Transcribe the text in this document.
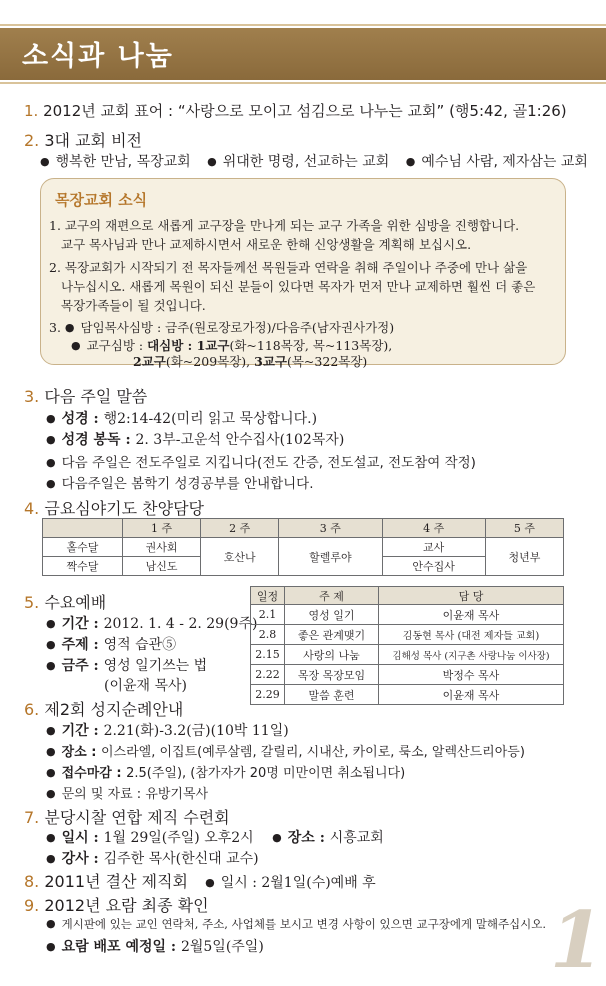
소식과 나눔
1. 2012년 교회 표어 : “사랑으로 모이고 섬김으로 나누는 교회” (행5:42, 골1:26)
2. 3대 교회 비전
● 행복한 만남, 목장교회 ● 위대한 명령, 선교하는 교회 ● 예수님 사람, 제자삼는 교회
목장교회 소식
1. 교구의 재편으로 새롭게 교구장을 만나게 되는 교구 가족을 위한 심방을 진행합니다.
교구 목사님과 만나 교제하시면서 새로운 한해 신앙생활을 계획해 보십시오.
2. 목장교회가 시작되기 전 목자들께선 목원들과 연락을 취해 주일이나 주중에 만나 삶을
나누십시오. 새롭게 목원이 되신 분들이 있다면 목자가 먼저 만나 교제하면 훨씬 더 좋은
목장가족들이 될 것입니다.
3. ● 담임목사심방 : 금주(원로장로가정)/다음주(남자권사가정)
● 교구심방 : 대심방 : 1교구(화~118목장, 목~113목장),
2교구(화~209목장), 3교구(목~322목장)
3. 다음 주일 말씀
● 성경 : 행2:14-42(미리 읽고 묵상합니다.)
● 성경 봉독 : 2. 3부-고운석 안수집사(102목자)
● 다음 주일은 전도주일로 지킵니다(전도 간증, 전도설교, 전도참여 작정)
● 다음주일은 봄학기 성경공부를 안내합니다.
4. 금요심야기도 찬양담당
	1 주	2 주	3 주	4 주	5 주
홀수달	권사회	호산나	할렐루야	교사	청년부
짝수달	남신도			안수집사	
5. 수요예배
● 기간 : 2012. 1. 4 - 2. 29(9주)
● 주제 : 영적 습관⑤
● 금주 : 영성 일기쓰는 법
(이윤재 목사)
일정	주 제	담 당
2.1	영성 일기	이윤재 목사
2.8	좋은 관계맺기	김동현 목사 (대전 제자들 교회)
2.15	사랑의 나눔	김해성 목사 (지구촌 사랑나눔 이사장)
2.22	목장 목장모임	박정수 목사
2.29	말씀 훈련	이윤재 목사
6. 제2회 성지순례안내
● 기간 : 2.21(화)-3.2(금)(10박 11일)
● 장소 : 이스라엘, 이집트(예루살렘, 갈릴리, 시내산, 카이로, 룩소, 알렉산드리아등)
● 접수마감 : 2.5(주일), (참가자가 20명 미만이면 취소됩니다)
● 문의 및 자료 : 유방기목사
7. 분당시찰 연합 제직 수련회
● 일시 : 1월 29일(주일) 오후2시 ● 장소 : 시흥교회
● 강사 : 김주한 목사(한신대 교수)
8. 2011년 결산 제직회 ● 일시 : 2월1일(수)예배 후
9. 2012년 요람 최종 확인
● 게시판에 있는 교인 연락처, 주소, 사업체를 보시고 변경 사항이 있으면 교구장에게 말해주십시오.
● 요람 배포 예정일 : 2월5일(주일)	1
